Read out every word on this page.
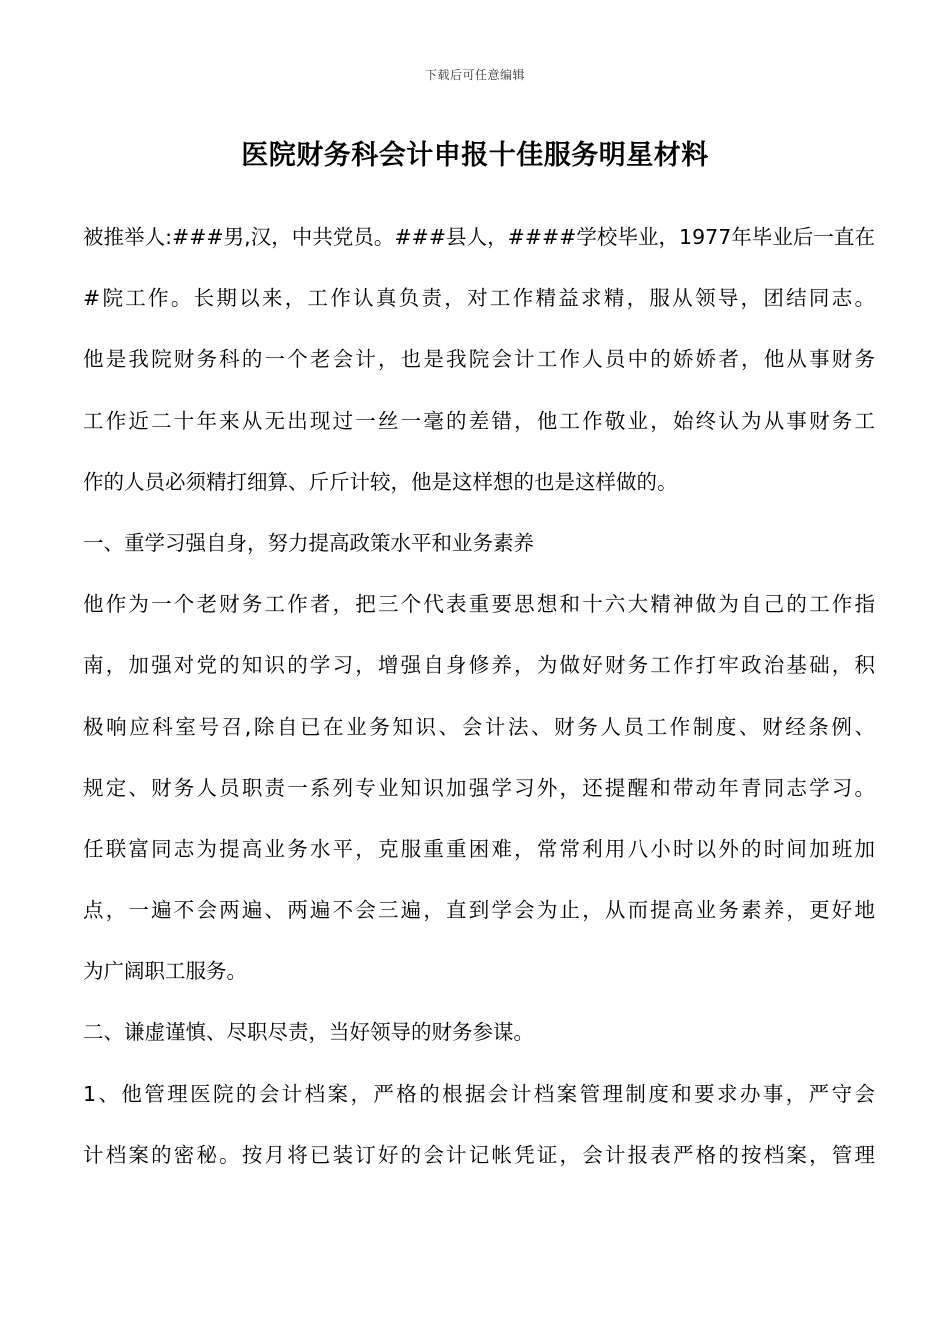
下载后可任意编辑
医院财务科会计申报十佳服务明星材料
被推举人:###男,汉，中共党员。###县人，####学校毕业，1977年毕业后一直在
#院工作。长期以来，工作认真负责，对工作精益求精，服从领导，团结同志。
他是我院财务科的一个老会计，也是我院会计工作人员中的娇娇者，他从事财务
工作近二十年来从无出现过一丝一毫的差错，他工作敬业，始终认为从事财务工
作的人员必须精打细算、斤斤计较，他是这样想的也是这样做的。
一、重学习强自身，努力提高政策水平和业务素养
他作为一个老财务工作者，把三个代表重要思想和十六大精神做为自己的工作指
南，加强对党的知识的学习，增强自身修养，为做好财务工作打牢政治基础，积
极响应科室号召,除自已在业务知识、会计法、财务人员工作制度、财经条例、
规定、财务人员职责一系列专业知识加强学习外，还提醒和带动年青同志学习。
任联富同志为提高业务水平，克服重重困难，常常利用八小时以外的时间加班加
点，一遍不会两遍、两遍不会三遍，直到学会为止，从而提高业务素养，更好地
为广阔职工服务。
二、谦虚谨慎、尽职尽责，当好领导的财务参谋。
1、他管理医院的会计档案，严格的根据会计档案管理制度和要求办事，严守会
计档案的密秘。按月将已装订好的会计记帐凭证，会计报表严格的按档案，管理
